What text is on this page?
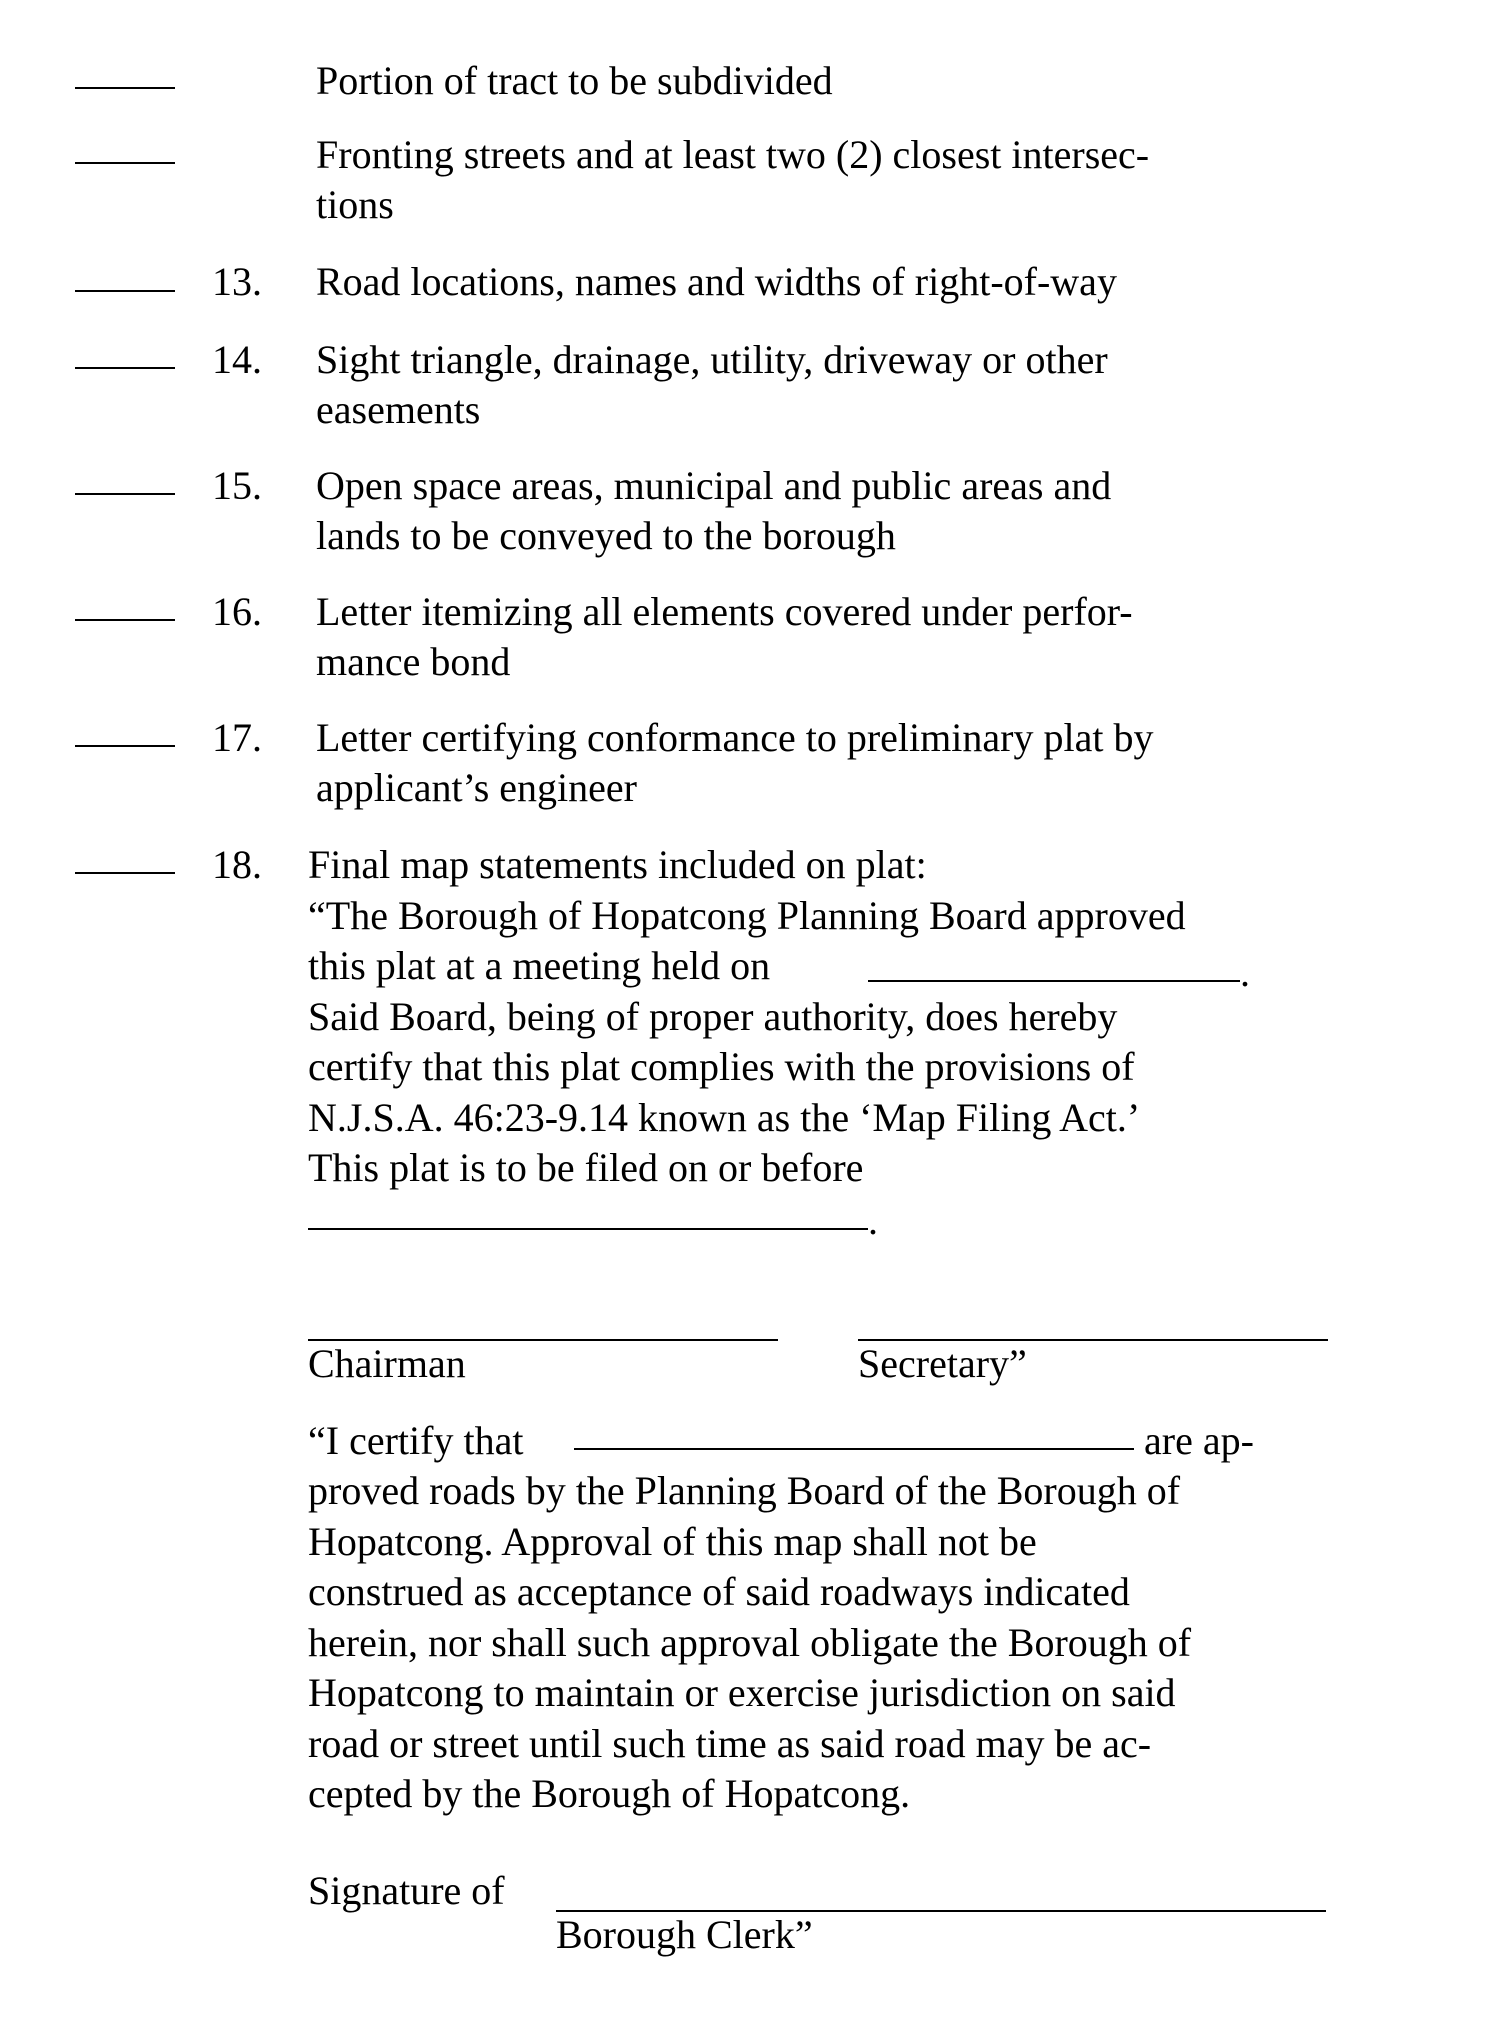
Portion of tract to be subdivided
Fronting streets and at least two (2) closest intersec-
tions
13. Road locations, names and widths of right-of-way
14. Sight triangle, drainage, utility, driveway or other
easements
15. Open space areas, municipal and public areas and
lands to be conveyed to the borough
16. Letter itemizing all elements covered under perfor-
mance bond
17. Letter certifying conformance to preliminary plat by
applicant’s engineer
18. Final map statements included on plat:
“The Borough of Hopatcong Planning Board approved
this plat at a meeting held on
Said Board, being of proper authority, does hereby
certify that this plat complies with the provisions of
N.J.S.A. 46:23-9.14 known as the ‘Map Filing Act.’
This plat is to be filed on or before
.
.
Chairman	Secretary”
“I certify that	are ap-
proved roads by the Planning Board of the Borough of
Hopatcong. Approval of this map shall not be
construed as acceptance of said roadways indicated
herein, nor shall such approval obligate the Borough of
Hopatcong to maintain or exercise jurisdiction on said
road or street until such time as said road may be ac-
cepted by the Borough of Hopatcong.
Signature of
Borough Clerk”
